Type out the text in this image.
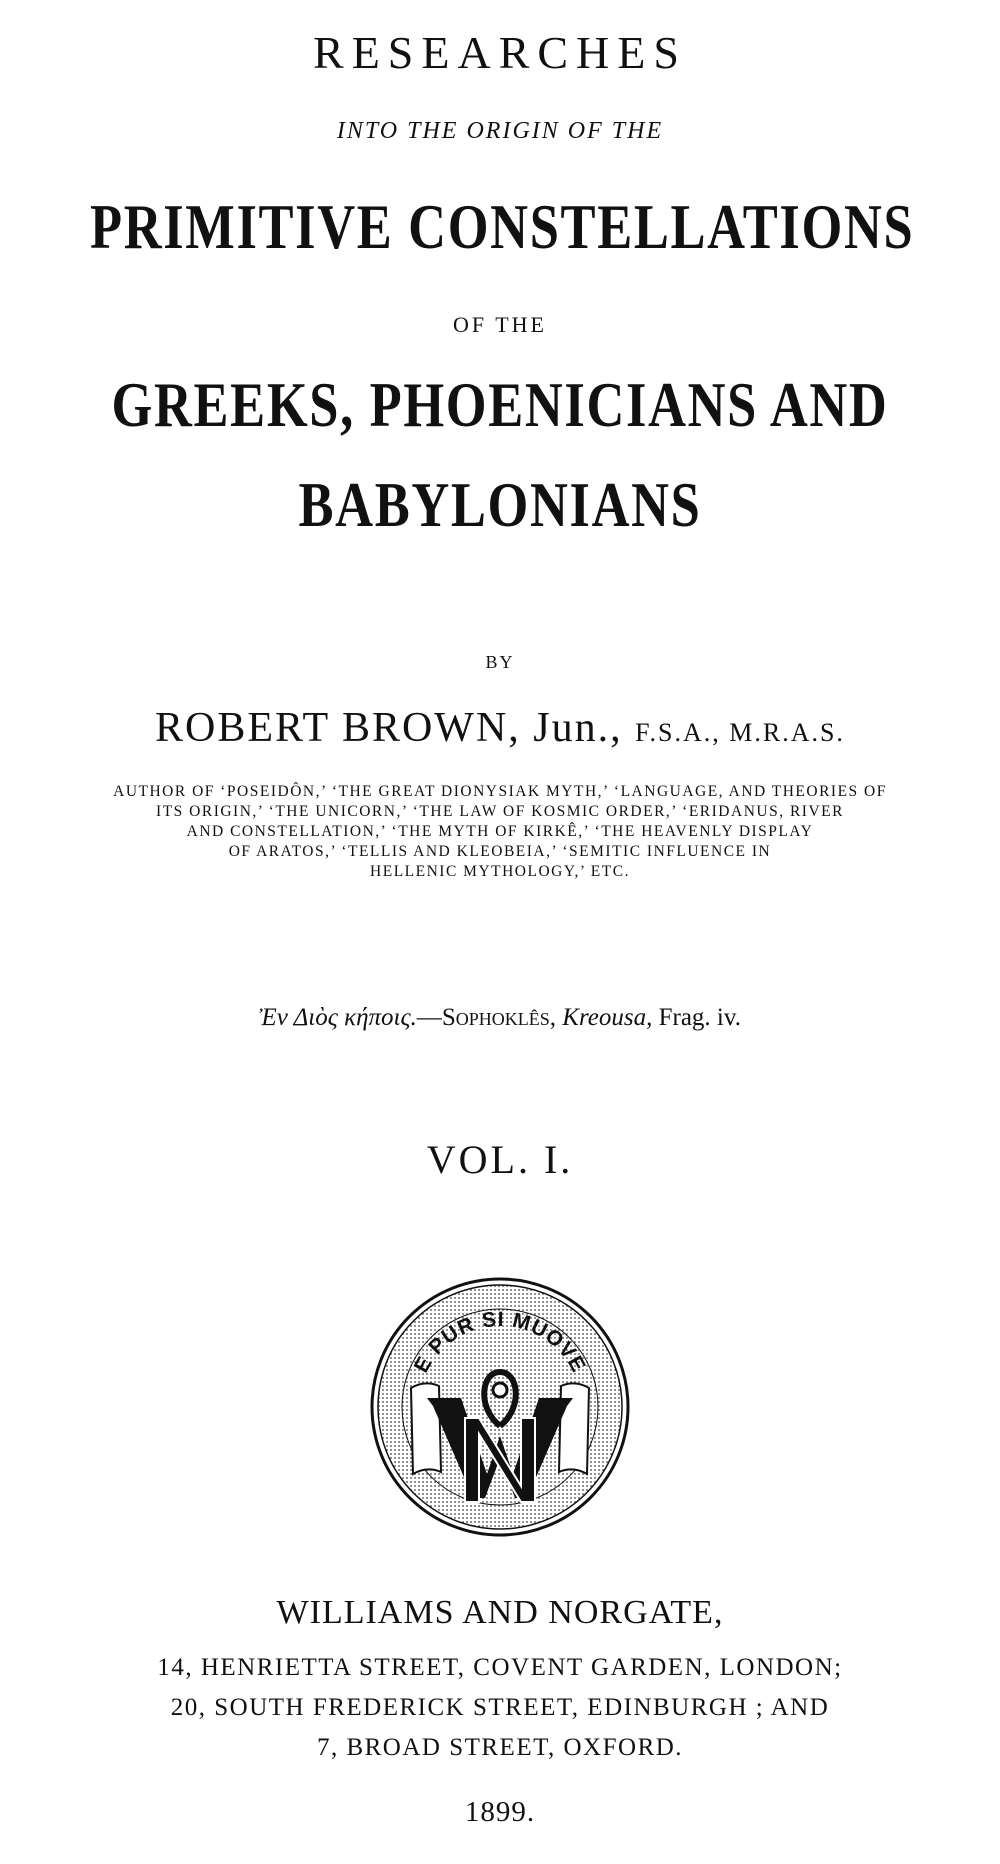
RESEARCHES
INTO THE ORIGIN OF THE
PRIMITIVE CONSTELLATIONS
OF THE
GREEKS, PHOENICIANS AND
BABYLONIANS
BY
ROBERT BROWN, Jun., F.S.A., M.R.A.S.
AUTHOR OF ‘POSEIDÔN,’ ‘THE GREAT DIONYSIAK MYTH,’ ‘LANGUAGE, AND THEORIES OF
ITS ORIGIN,’ ‘THE UNICORN,’ ‘THE LAW OF KOSMIC ORDER,’ ‘ERIDANUS, RIVER
AND CONSTELLATION,’ ‘THE MYTH OF KIRKÊ,’ ‘THE HEAVENLY DISPLAY
OF ARATOS,’ ‘TELLIS AND KLEOBEIA,’ ‘SEMITIC INFLUENCE IN
HELLENIC MYTHOLOGY,’ ETC.
Ἐν Διὸς κήποις.—Sophoklês, Kreousa, Frag. iv.
VOL. I.
E PUR SI MUOVE
WILLIAMS AND NORGATE,
14, HENRIETTA STREET, COVENT GARDEN, LONDON;
20, SOUTH FREDERICK STREET, EDINBURGH ; AND
7, BROAD STREET, OXFORD.
1899.
